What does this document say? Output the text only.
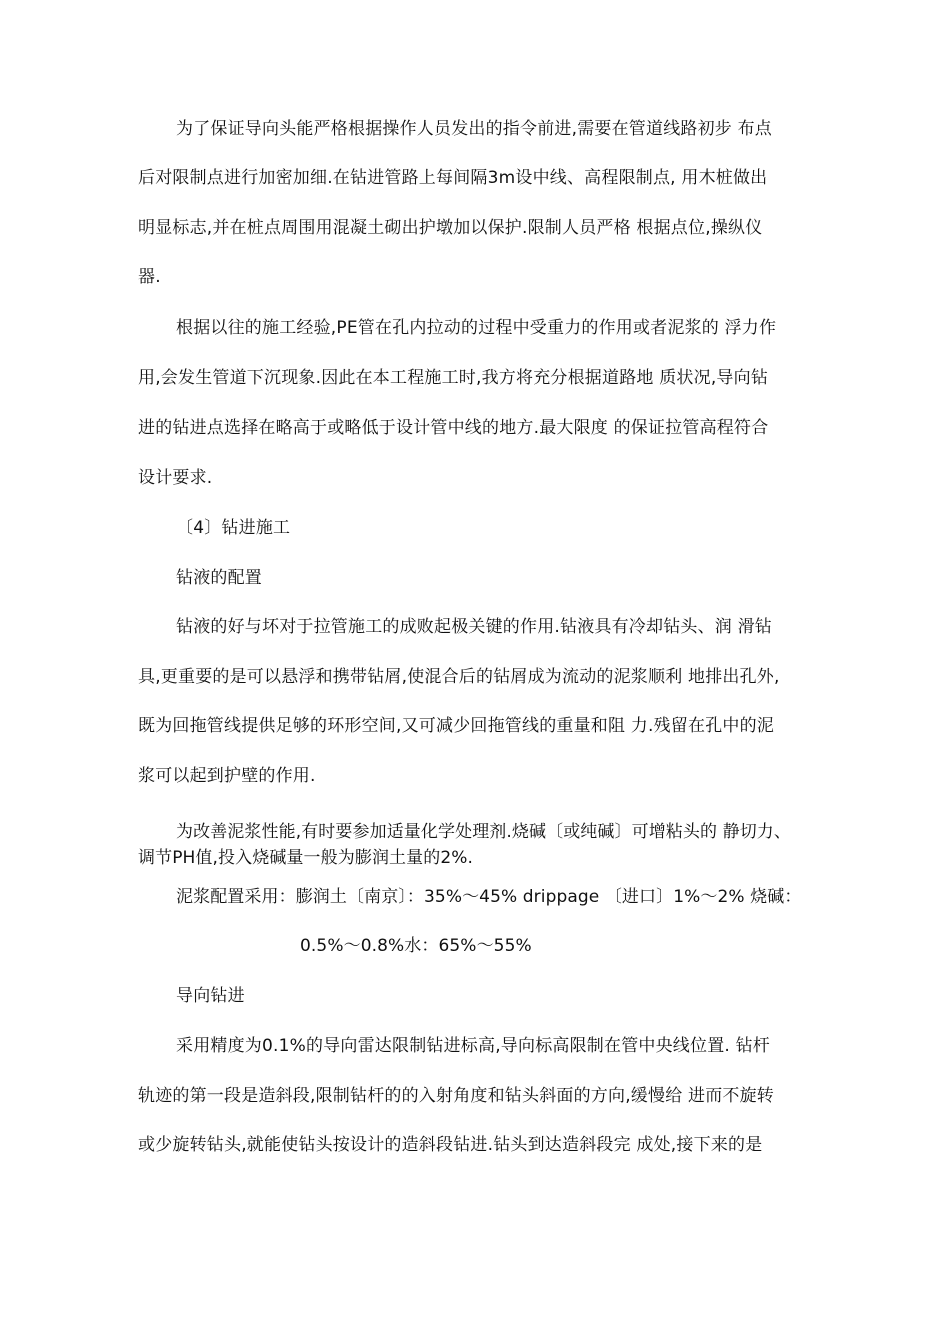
为了保证导向头能严格根据操作人员发出的指令前进,需要在管道线路初步 布点
后对限制点进行加密加细.在钻进管路上每间隔3m设中线、高程限制点, 用木桩做出
明显标志,并在桩点周围用混凝土砌出护墩加以保护.限制人员严格 根据点位,操纵仪
器.
根据以往的施工经验,PE管在孔内拉动的过程中受重力的作用或者泥浆的 浮力作
用,会发生管道下沉现象.因此在本工程施工时,我方将充分根据道路地 质状况,导向钻
进的钻进点选择在略高于或略低于设计管中线的地方.最大限度 的保证拉管高程符合
设计要求.
〔4〕钻进施工
钻液的配置
钻液的好与坏对于拉管施工的成败起极关键的作用.钻液具有冷却钻头、润 滑钻
具,更重要的是可以悬浮和携带钻屑,使混合后的钻屑成为流动的泥浆顺利 地排出孔外,
既为回拖管线提供足够的环形空间,又可减少回拖管线的重量和阻 力.残留在孔中的泥
浆可以起到护壁的作用.
为改善泥浆性能,有时要参加适量化学处理剂.烧碱〔或纯碱〕可增粘头的 静切力、
调节PH值,投入烧碱量一般为膨润土量的2%.
泥浆配置采用：膨润土〔南京〕：35%〜45% drippage 〔进口〕1%〜2% 烧碱：
0.5%〜0.8%水：65%〜55%
导向钻进
采用精度为0.1%的导向雷达限制钻进标高,导向标高限制在管中央线位置. 钻杆
轨迹的第一段是造斜段,限制钻杆的的入射角度和钻头斜面的方向,缓慢给 进而不旋转
或少旋转钻头,就能使钻头按设计的造斜段钻进.钻头到达造斜段完 成处,接下来的是
